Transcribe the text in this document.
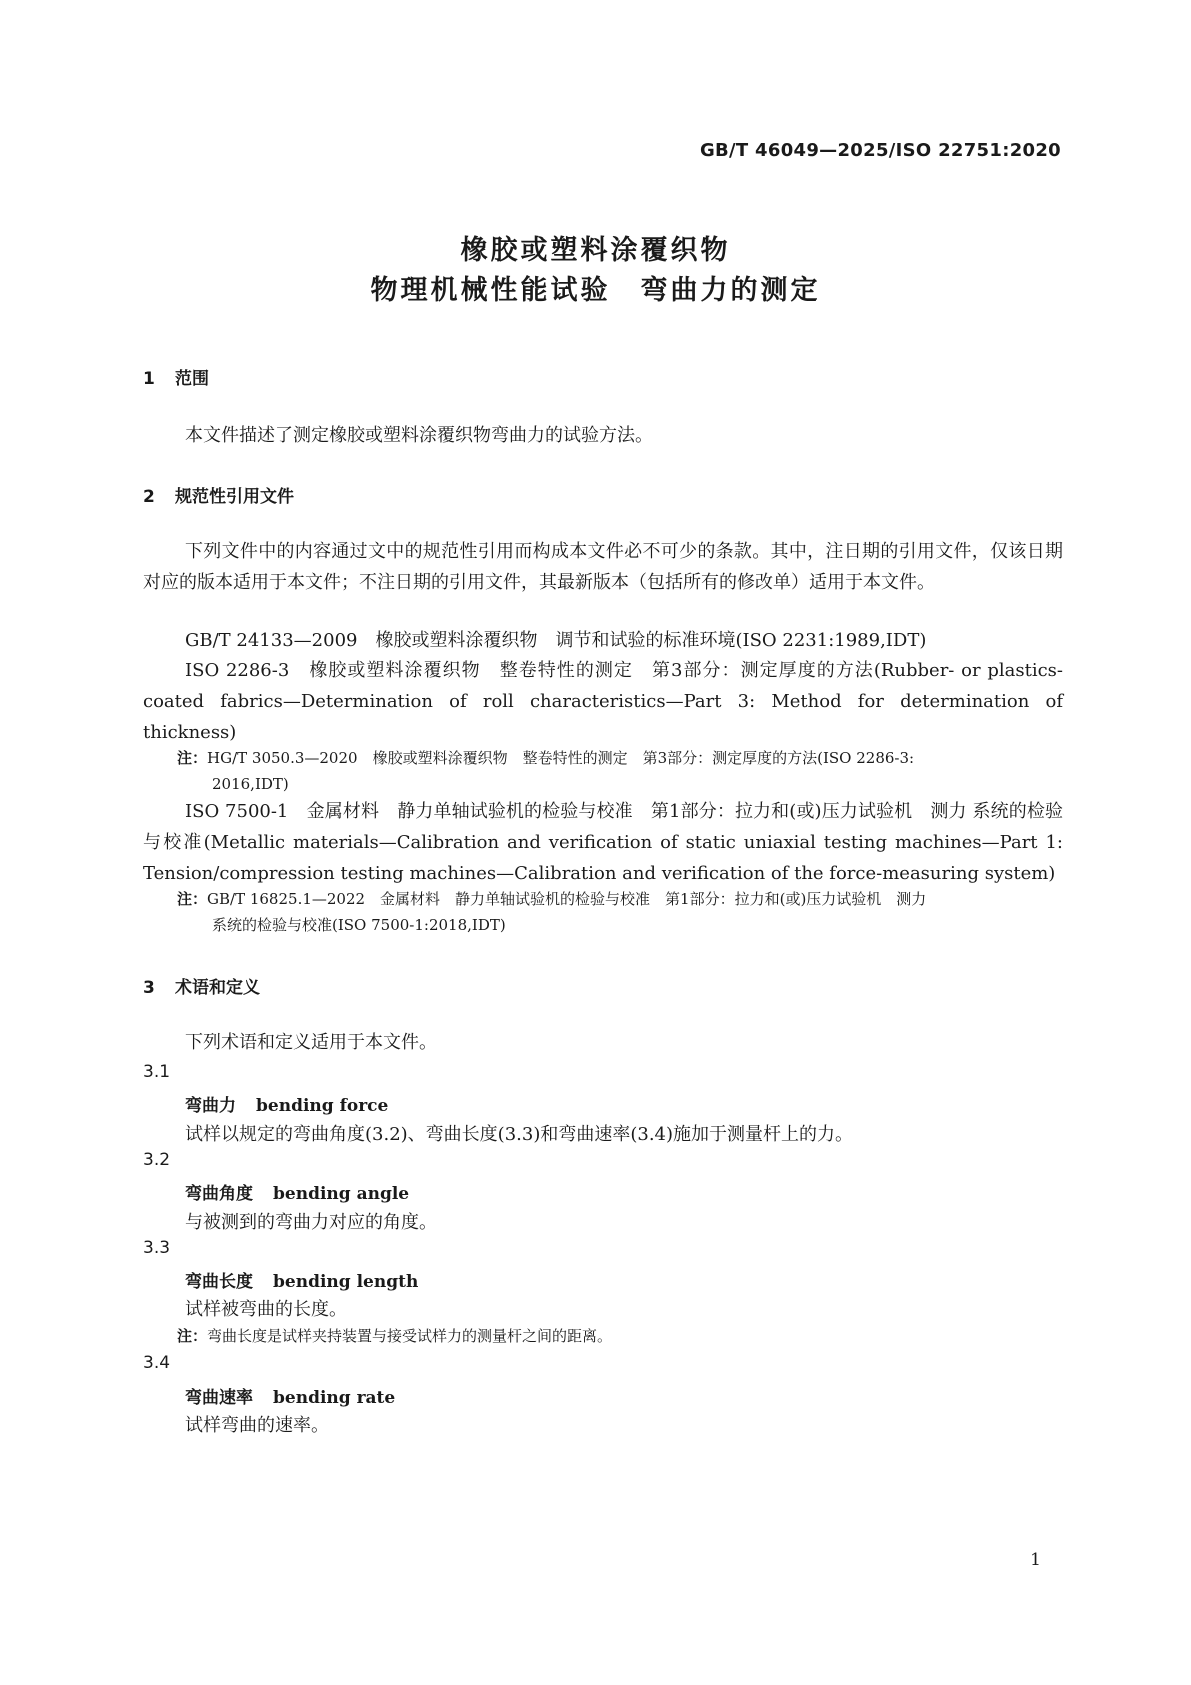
GB/T 46049—2025/ISO 22751:2020
橡胶或塑料涂覆织物
物理机械性能试验　弯曲力的测定
1 范围
本文件描述了测定橡胶或塑料涂覆织物弯曲力的试验方法。
2 规范性引用文件
下列文件中的内容通过文中的规范性引用而构成本文件必不可少的条款。其中，注日期的引用文件，仅该日期对应的版本适用于本文件；不注日期的引用文件，其最新版本（包括所有的修改单）适用于本文件。
GB/T 24133—2009　橡胶或塑料涂覆织物　调节和试验的标准环境(ISO 2231:1989,IDT)
ISO 2286-3　橡胶或塑料涂覆织物　整卷特性的测定　第3部分：测定厚度的方法(Rubber- or plastics-coated fabrics—Determination of roll characteristics—Part 3: Method for determination of thickness)
注：HG/T 3050.3—2020　橡胶或塑料涂覆织物　整卷特性的测定　第3部分：测定厚度的方法(ISO 2286-3:
2016,IDT)
ISO 7500-1　金属材料　静力单轴试验机的检验与校准　第1部分：拉力和(或)压力试验机　测力 系统的检验与校准(Metallic materials—Calibration and verification of static uniaxial testing machines—Part 1: Tension/compression testing machines—Calibration and verification of the force-measuring system)
注：GB/T 16825.1—2022　金属材料　静力单轴试验机的检验与校准　第1部分：拉力和(或)压力试验机　测力
系统的检验与校准(ISO 7500-1:2018,IDT)
3 术语和定义
下列术语和定义适用于本文件。
3.1
弯曲力 bending force
试样以规定的弯曲角度(3.2)、弯曲长度(3.3)和弯曲速率(3.4)施加于测量杆上的力。
3.2
弯曲角度 bending angle
与被测到的弯曲力对应的角度。
3.3
弯曲长度 bending length
试样被弯曲的长度。
注：弯曲长度是试样夹持装置与接受试样力的测量杆之间的距离。
3.4
弯曲速率 bending rate
试样弯曲的速率。
1
